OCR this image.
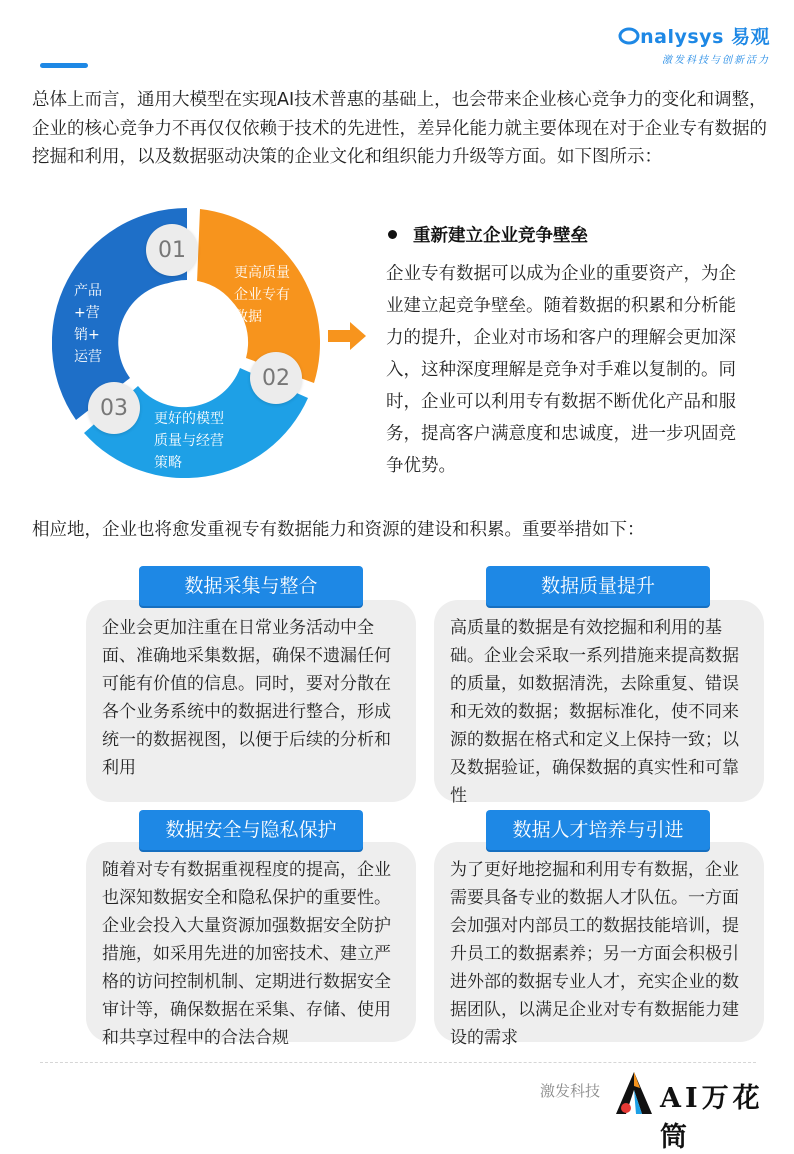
nalysys 易观
激发科技与创新活力
总体上而言，通用大模型在实现AI技术普惠的基础上，也会带来企业核心竞争力的变化和调整，企业的核心竞争力不再仅仅依赖于技术的先进性，差异化能力就主要体现在对于企业专有数据的挖掘和利用，以及数据驱动决策的企业文化和组织能力升级等方面。如下图所示：
01
02
03
产品
+营
销+
运营
更高质量
企业专有
数据
更好的模型
质量与经营
策略
重新建立企业竞争壁垒
企业专有数据可以成为企业的重要资产，为企业建立起竞争壁垒。随着数据的积累和分析能力的提升，企业对市场和客户的理解会更加深入，这种深度理解是竞争对手难以复制的。同时，企业可以利用专有数据不断优化产品和服务，提高客户满意度和忠诚度，进一步巩固竞争优势。
相应地，企业也将愈发重视专有数据能力和资源的建设和积累。重要举措如下：
企业会更加注重在日常业务活动中全面、准确地采集数据，确保不遗漏任何可能有价值的信息。同时，要对分散在各个业务系统中的数据进行整合，形成统一的数据视图，以便于后续的分析和利用
数据采集与整合
高质量的数据是有效挖掘和利用的基础。企业会采取一系列措施来提高数据的质量，如数据清洗，去除重复、错误和无效的数据；数据标准化，使不同来源的数据在格式和定义上保持一致；以及数据验证，确保数据的真实性和可靠性
数据质量提升
随着对专有数据重视程度的提高，企业也深知数据安全和隐私保护的重要性。企业会投入大量资源加强数据安全防护措施，如采用先进的加密技术、建立严格的访问控制机制、定期进行数据安全审计等，确保数据在采集、存储、使用和共享过程中的合法合规
数据安全与隐私保护
为了更好地挖掘和利用专有数据，企业需要具备专业的数据人才队伍。一方面会加强对内部员工的数据技能培训，提升员工的数据素养；另一方面会积极引进外部的数据专业人才，充实企业的数据团队，以满足企业对专有数据能力建设的需求
数据人才培养与引进
激发科技 AI万花筒
